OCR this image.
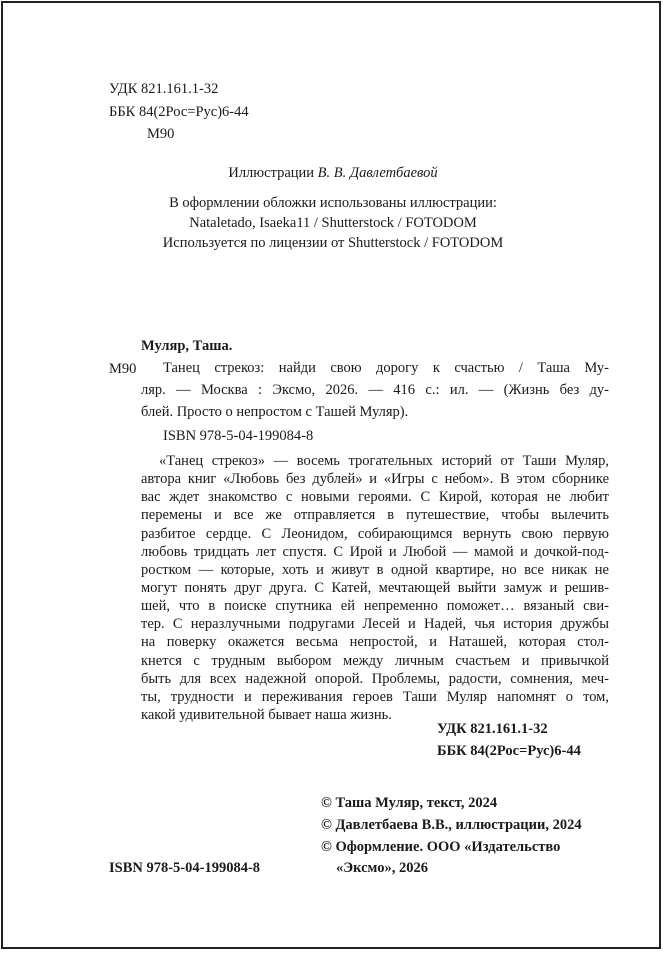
УДК 821.161.1-32
ББК 84(2Рос=Рус)6-44
М90
Иллюстрации В. В. Давлетбаевой
В оформлении обложки использованы иллюстрации:
Nataletado, Isaeka11 / Shutterstock / FOTODOM
Используется по лицензии от Shutterstock / FOTODOM
Муляр, Таша.
М90 Танец стрекоз: найди свою дорогу к счастью / Таша Му-
ляр. — Москва : Эксмо, 2026. — 416 с.: ил. — (Жизнь без ду-
блей. Просто о непростом с Ташей Муляр).
ISBN 978-5-04-199084-8
«Танец стрекоз» — восемь трогательных историй от Таши Муляр,
автора книг «Любовь без дублей» и «Игры с небом». В этом сборнике
вас ждет знакомство с новыми героями. С Кирой, которая не любит
перемены и все же отправляется в путешествие, чтобы вылечить
разбитое сердце. С Леонидом, собирающимся вернуть свою первую
любовь тридцать лет спустя. С Ирой и Любой — мамой и дочкой-под-
ростком — которые, хоть и живут в одной квартире, но все никак не
могут понять друг друга. С Катей, мечтающей выйти замуж и решив-
шей, что в поиске спутника ей непременно поможет… вязаный сви-
тер. С неразлучными подругами Лесей и Надей, чья история дружбы
на поверку окажется весьма непростой, и Наташей, которая стол-
кнется с трудным выбором между личным счастьем и привычкой
быть для всех надежной опорой. Проблемы, радости, сомнения, меч-
ты, трудности и переживания героев Таши Муляр напомнят о том,
какой удивительной бывает наша жизнь.
УДК 821.161.1-32
ББК 84(2Рос=Рус)6-44
© Таша Муляр, текст, 2024
© Давлетбаева В.В., иллюстрации, 2024
© Оформление. ООО «Издательство
«Эксмо», 2026
ISBN 978-5-04-199084-8
